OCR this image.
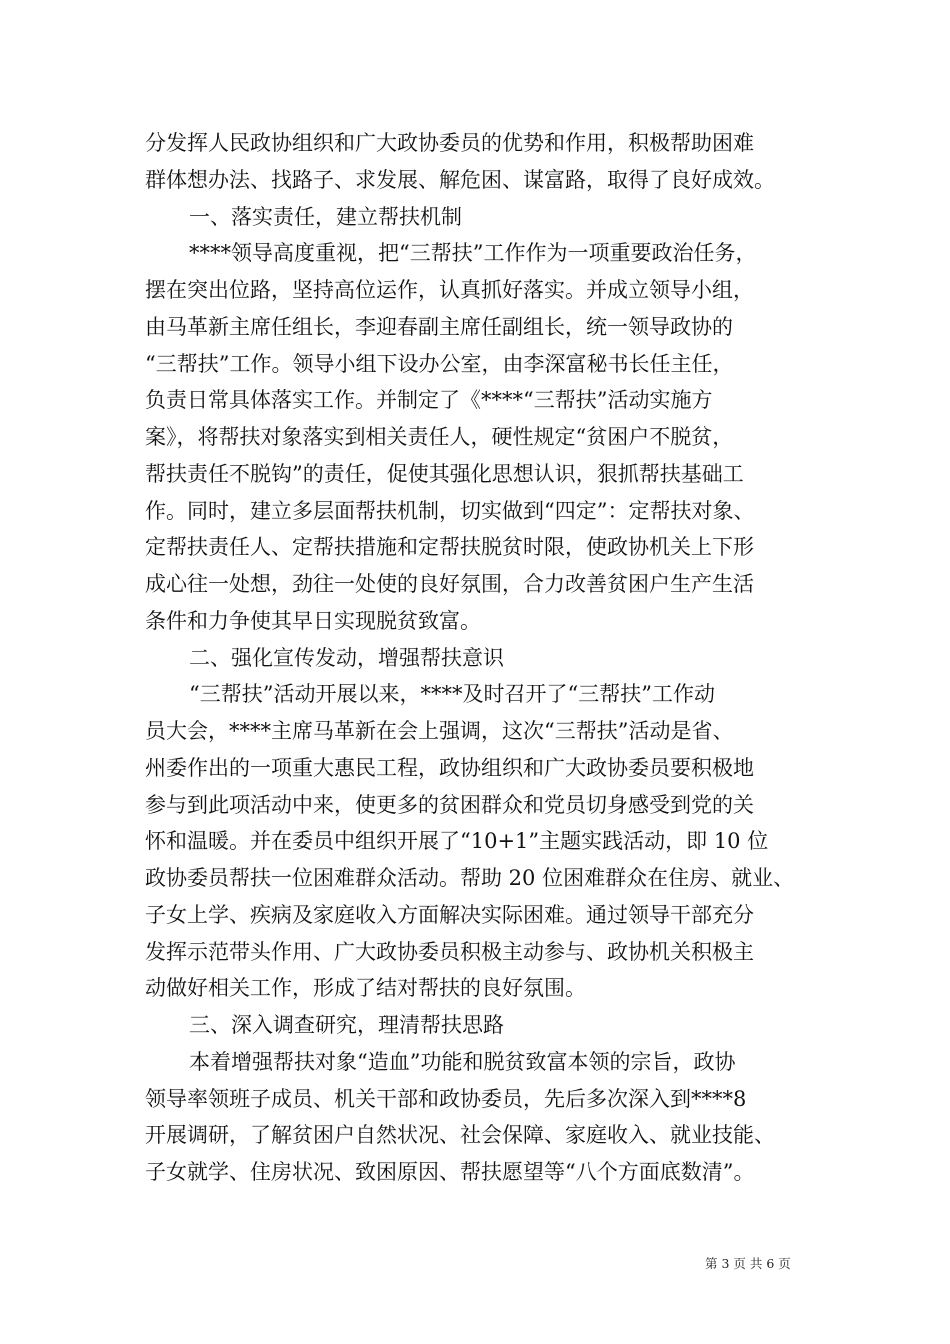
分发挥人民政协组织和广大政协委员的优势和作用，积极帮助困难
群体想办法、找路子、求发展、解危困、谋富路，取得了良好成效。
一、落实责任，建立帮扶机制
****领导高度重视，把“三帮扶”工作作为一项重要政治任务，
摆在突出位路，坚持高位运作，认真抓好落实。并成立领导小组，
由马革新主席任组长，李迎春副主席任副组长，统一领导政协的
“三帮扶”工作。领导小组下设办公室，由李深富秘书长任主任，
负责日常具体落实工作。并制定了《****“三帮扶”活动实施方
案》，将帮扶对象落实到相关责任人，硬性规定“贫困户不脱贫，
帮扶责任不脱钩”的责任，促使其强化思想认识，狠抓帮扶基础工
作。同时，建立多层面帮扶机制，切实做到“四定”：定帮扶对象、
定帮扶责任人、定帮扶措施和定帮扶脱贫时限，使政协机关上下形
成心往一处想，劲往一处使的良好氛围，合力改善贫困户生产生活
条件和力争使其早日实现脱贫致富。
二、强化宣传发动，增强帮扶意识
“三帮扶”活动开展以来，****及时召开了“三帮扶”工作动
员大会，****主席马革新在会上强调，这次“三帮扶”活动是省、
州委作出的一项重大惠民工程，政协组织和广大政协委员要积极地
参与到此项活动中来，使更多的贫困群众和党员切身感受到党的关
怀和温暖。并在委员中组织开展了“10+1”主题实践活动，即 10 位
政协委员帮扶一位困难群众活动。帮助 20 位困难群众在住房、就业、
子女上学、疾病及家庭收入方面解决实际困难。通过领导干部充分
发挥示范带头作用、广大政协委员积极主动参与、政协机关积极主
动做好相关工作，形成了结对帮扶的良好氛围。
三、深入调查研究，理清帮扶思路
本着增强帮扶对象“造血”功能和脱贫致富本领的宗旨，政协
领导率领班子成员、机关干部和政协委员，先后多次深入到****8
开展调研，了解贫困户自然状况、社会保障、家庭收入、就业技能、
子女就学、住房状况、致困原因、帮扶愿望等“八个方面底数清”。
第 3 页 共 6 页
